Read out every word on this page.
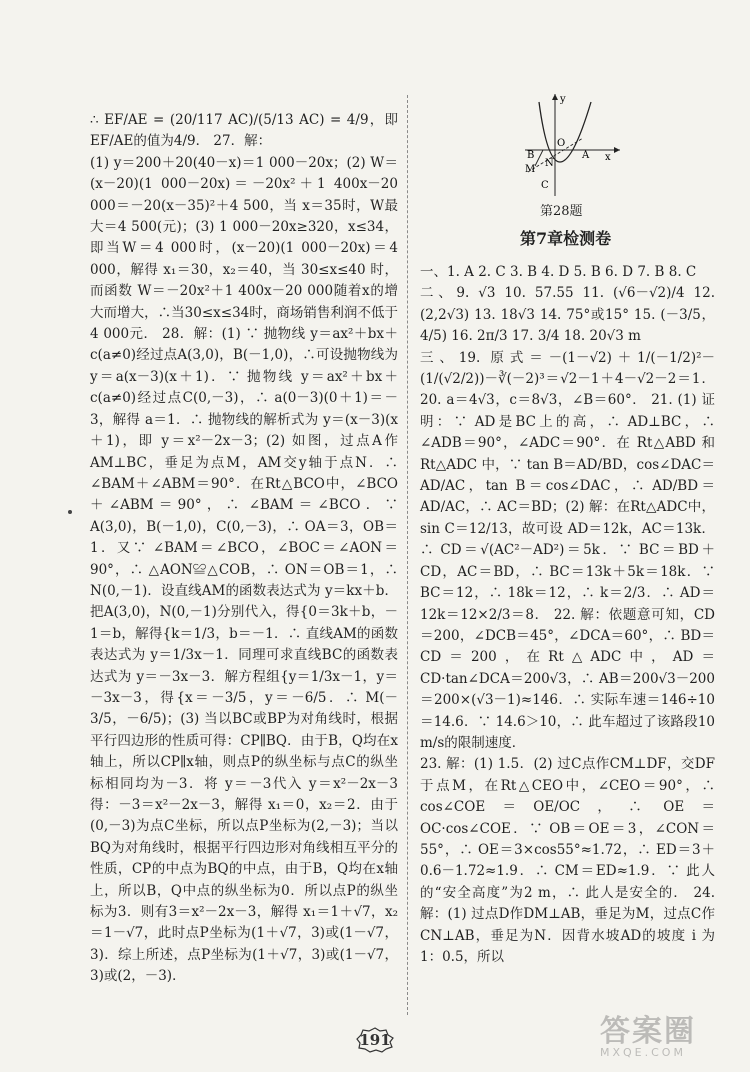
∴ EF/AE = (20/117 AC)/(5/13 AC) = 4/9，即EF/AE的值为4/9． 27．解：

(1) y＝200＋20(40－x)＝1 000－20x；(2) W＝(x－20)(1 000－20x)＝－20x²＋1 400x－20 000＝－20(x－35)²＋4 500，当 x＝35时，W最大＝4 500(元)；(3) 1 000－20x≥320，x≤34，即当W＝4 000时，(x－20)(1 000－20x)＝4 000，解得 x₁＝30，x₂＝40，当 30≤x≤40 时，而函数 W＝－20x²＋1 400x－20 000随着x的增大而增大，∴当30≤x≤34时，商场销售利润不低于4 000元． 28．解：(1) ∵ 抛物线 y＝ax²＋bx＋c(a≠0)经过点A(3,0)，B(－1,0)，∴可设抛物线为 y＝a(x－3)(x＋1)．∵ 抛物线 y＝ax²＋bx＋c(a≠0)经过点C(0,－3)，∴ a(0－3)(0＋1)＝－3，解得 a＝1．∴ 抛物线的解析式为 y＝(x－3)(x＋1)，即 y＝x²－2x－3；(2) 如图，过点A作AM⊥BC，垂足为点M，AM交y轴于点N．∴ ∠BAM＋∠ABM＝90°．在Rt△BCO中，∠BCO＋∠ABM＝90°，∴ ∠BAM＝∠BCO．∵ A(3,0)，B(－1,0)，C(0,－3)，∴ OA＝3，OB＝1．又∵ ∠BAM＝∠BCO，∠BOC＝∠AON＝90°，∴ △AON≌△COB，∴ ON＝OB＝1，∴ N(0,－1)．设直线AM的函数表达式为 y＝kx＋b．把A(3,0)，N(0,－1)分别代入，得{0＝3k＋b，－1＝b，解得{k＝1/3，b＝－1．∴ 直线AM的函数表达式为 y＝1/3x－1．同理可求直线BC的函数表达式为 y＝－3x－3．解方程组{y＝1/3x－1，y＝－3x－3，得{x＝－3/5，y＝－6/5．∴ M(－3/5，－6/5)；(3) 当以BC或BP为对角线时，根据平行四边形的性质可得：CP∥BQ．由于B，Q均在x轴上，所以CP∥x轴，则点P的纵坐标与点C的纵坐标相同均为－3．将 y＝－3代入 y＝x²－2x－3 得：－3＝x²－2x－3，解得 x₁＝0，x₂＝2．由于(0,－3)为点C坐标，所以点P坐标为(2,－3)；当以BQ为对角线时，根据平行四边形对角线相互平分的性质，CP的中点为BQ的中点，由于B，Q均在x轴上，所以B，Q中点的纵坐标为0．所以点P的纵坐标为3．则有3＝x²－2x－3，解得 x₁＝1＋√7，x₂＝1－√7，此时点P坐标为(1＋√7，3)或(1－√7，3)．综上所述，点P坐标为(1＋√7，3)或(1－√7，3)或(2，－3)．

y
O
B
M
N
A x
C
第28题
第7章检测卷

一、1. A 2. C 3. B 4. D 5. B 6. D 7. B 8. C

二、9. √3 10. 57.55 11. (√6－√2)/4 12. (2,2√3) 13. 18√3 14. 75°或15° 15. (－3/5，4/5) 16. 2π/3 17. 3/4 18. 20√3 m

三、19. 原式＝－(1－√2)＋1/(－1/2)²－(1/(√2/2))－∛(－2)³＝√2－1＋4－√2－2＝1． 20. a＝4√3，c＝8√3，∠B＝60°． 21. (1) 证明：∵ AD是BC上的高，∴ AD⊥BC，∴ ∠ADB＝90°，∠ADC＝90°．在 Rt△ABD 和 Rt△ADC 中，∵ tan B＝AD/BD，cos∠DAC＝AD/AC，tan B＝cos∠DAC，∴ AD/BD＝AD/AC，∴ AC＝BD；(2) 解：在Rt△ADC中，sin C＝12/13，故可设 AD＝12k，AC＝13k．∴ CD＝√(AC²－AD²)＝5k．∵ BC＝BD＋CD，AC＝BD，∴ BC＝13k＋5k＝18k．∵ BC＝12，∴ 18k＝12，∴ k＝2/3．∴ AD＝12k＝12×2/3＝8． 22. 解：依题意可知，CD＝200，∠DCB＝45°，∠DCA＝60°，∴ BD＝CD＝200，在Rt△ADC中，AD＝CD·tan∠DCA＝200√3，∴ AB＝200√3－200＝200×(√3－1)≈146．∴ 实际车速＝146÷10＝14.6．∵ 14.6＞10，∴ 此车超过了该路段10 m/s的限制速度．

23. 解：(1) 1.5．(2) 过C点作CM⊥DF，交DF于点M，在Rt△CEO中，∠CEO＝90°，∴ cos∠COE＝OE/OC，∴ OE＝OC·cos∠COE．∵ OB＝OE＝3，∠CON＝55°，∴ OE＝3×cos55°≈1.72，∴ ED＝3＋0.6－1.72≈1.9．∴ CM＝ED≈1.9．∵ 此人的“安全高度”为2 m，∴ 此人是安全的． 24. 解：(1) 过点D作DM⊥AB，垂足为M，过点C作CN⊥AB，垂足为N．因背水坡AD的坡度 i 为 1：0.5，所以

191	答案圈
MXQE.COM
